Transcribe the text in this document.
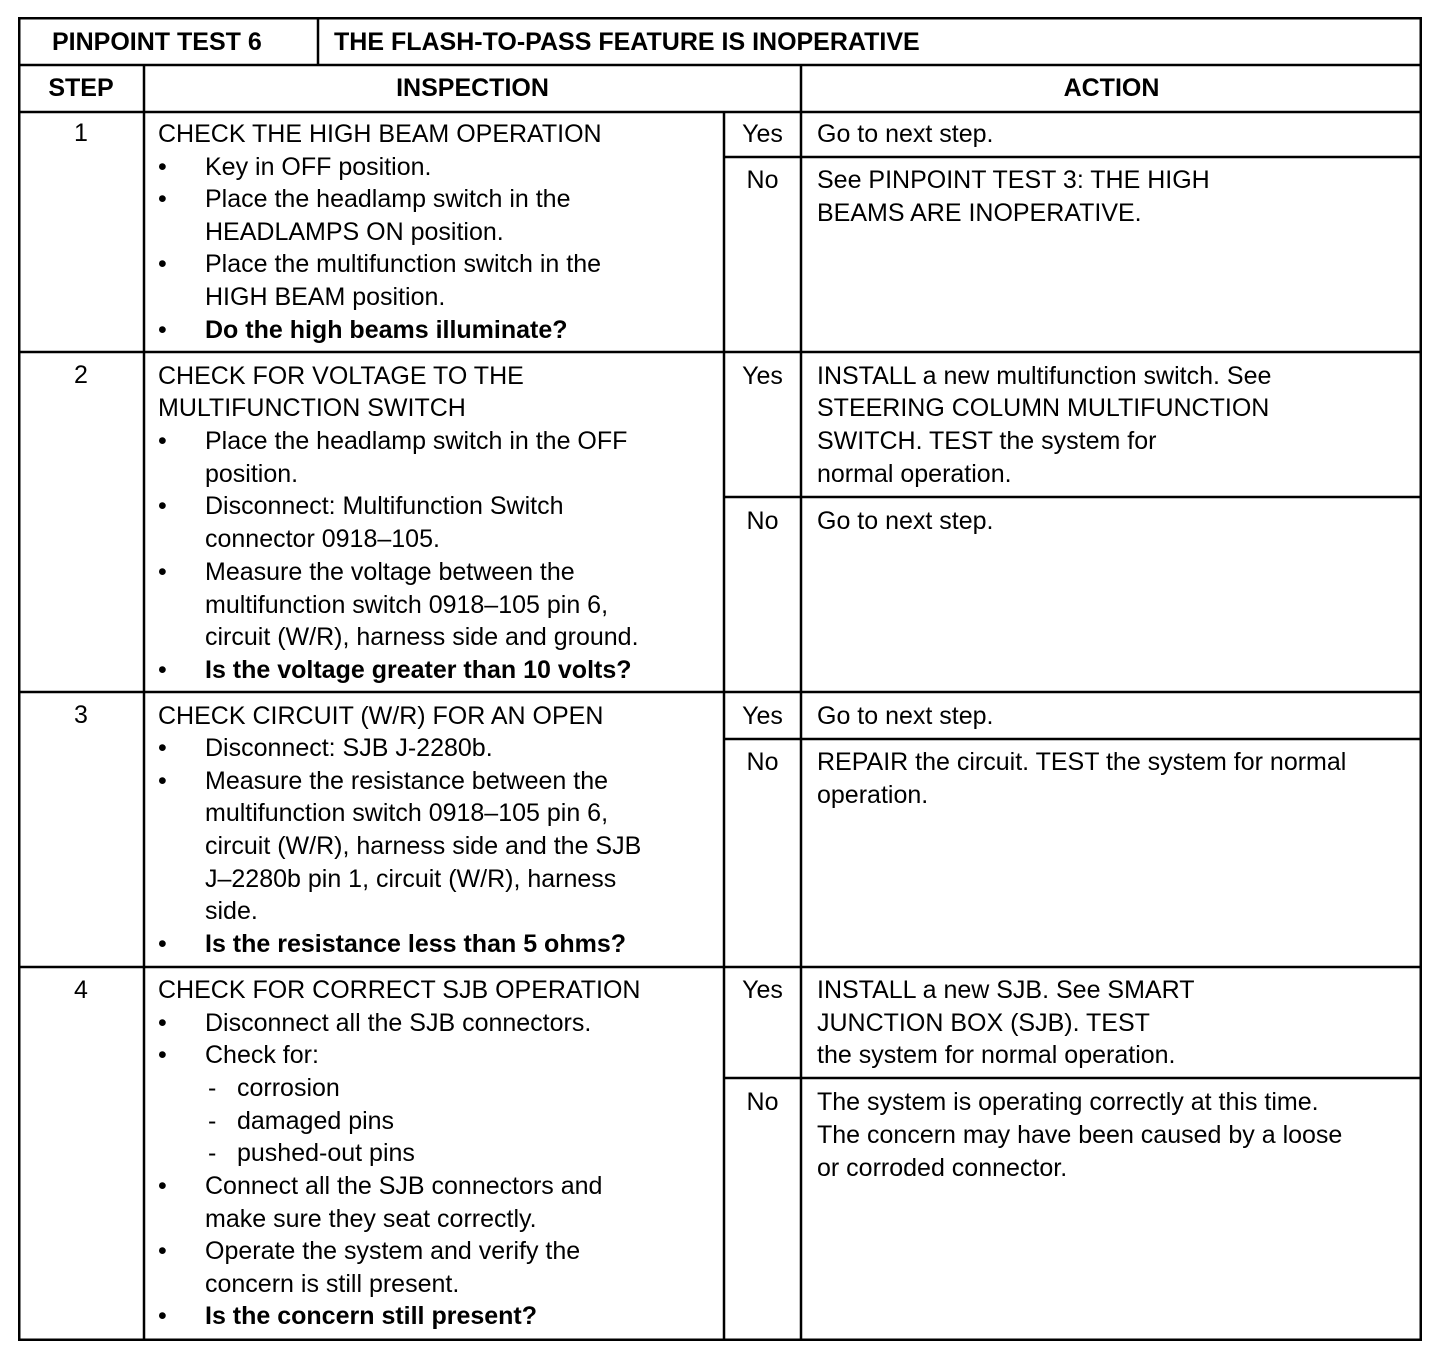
PINPOINT TEST 6	THE FLASH-TO-PASS FEATURE IS INOPERATIVE
STEP	INSPECTION	ACTION
1	CHECK THE HIGH BEAM OPERATION
• Key in OFF position.
• Place the headlamp switch in the
HEADLAMPS ON position.
• Place the multifunction switch in the
HIGH BEAM position.
• Do the high beams illuminate?
Yes	Go to next step.
No	See PINPOINT TEST 3: THE HIGH
BEAMS ARE INOPERATIVE.
2	CHECK FOR VOLTAGE TO THE
MULTIFUNCTION SWITCH
• Place the headlamp switch in the OFF
position.
• Disconnect: Multifunction Switch
connector 0918–105.
• Measure the voltage between the
multifunction switch 0918–105 pin 6,
circuit (W/R), harness side and ground.
• Is the voltage greater than 10 volts?
Yes	INSTALL a new multifunction switch. See
STEERING COLUMN MULTIFUNCTION
SWITCH. TEST the system for
normal operation.
No	Go to next step.
3	CHECK CIRCUIT (W/R) FOR AN OPEN
• Disconnect: SJB J-2280b.
• Measure the resistance between the
multifunction switch 0918–105 pin 6,
circuit (W/R), harness side and the SJB
J–2280b pin 1, circuit (W/R), harness
side.
• Is the resistance less than 5 ohms?
Yes	Go to next step.
No	REPAIR the circuit. TEST the system for normal
operation.
4	CHECK FOR CORRECT SJB OPERATION
• Disconnect all the SJB connectors.
• Check for:
- corrosion
- damaged pins
- pushed-out pins
• Connect all the SJB connectors and
make sure they seat correctly.
• Operate the system and verify the
concern is still present.
• Is the concern still present?
Yes	INSTALL a new SJB. See SMART
JUNCTION BOX (SJB). TEST
the system for normal operation.
No	The system is operating correctly at this time.
The concern may have been caused by a loose
or corroded connector.
